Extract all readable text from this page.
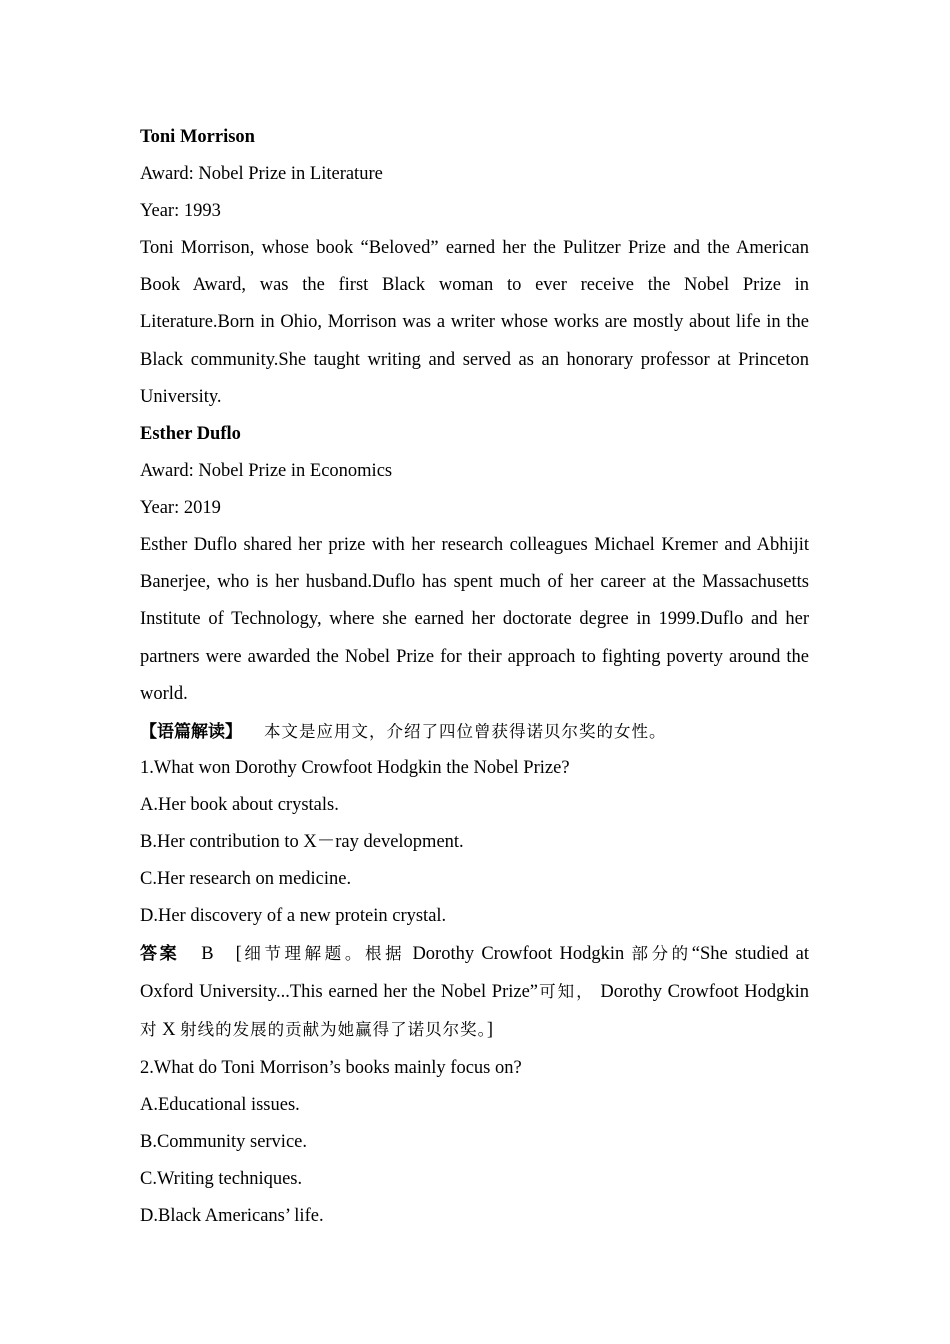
Toni Morrison
Award: Nobel Prize in Literature
Year: 1993
Toni Morrison, whose book “Beloved” earned her the Pulitzer Prize and the American Book Award, was the first Black woman to ever receive the Nobel Prize in Literature.Born in Ohio, Morrison was a writer whose works are mostly about life in the Black community.She taught writing and served as an honorary professor at Princeton University.
Esther Duflo
Award: Nobel Prize in Economics
Year: 2019
Esther Duflo shared her prize with her research colleagues Michael Kremer and Abhijit Banerjee, who is her husband.Duflo has spent much of her career at the Massachusetts Institute of Technology, where she earned her doctorate degree in 1999.Duflo and her partners were awarded the Nobel Prize for their approach to fighting poverty around the world.
【语篇解读】 本文是应用文，介绍了四位曾获得诺贝尔奖的女性。
1.What won Dorothy Crowfoot Hodgkin the Nobel Prize?
A.Her book about crystals.
B.Her contribution to X－ray development.
C.Her research on medicine.
D.Her discovery of a new protein crystal.
答案 B [细节理解题。根据 Dorothy Crowfoot Hodgkin 部分的“She studied at Oxford University...This earned her the Nobel Prize”可知， Dorothy Crowfoot Hodgkin 对 X 射线的发展的贡献为她赢得了诺贝尔奖。]
2.What do Toni Morrison’s books mainly focus on?
A.Educational issues.
B.Community service.
C.Writing techniques.
D.Black Americans’ life.
